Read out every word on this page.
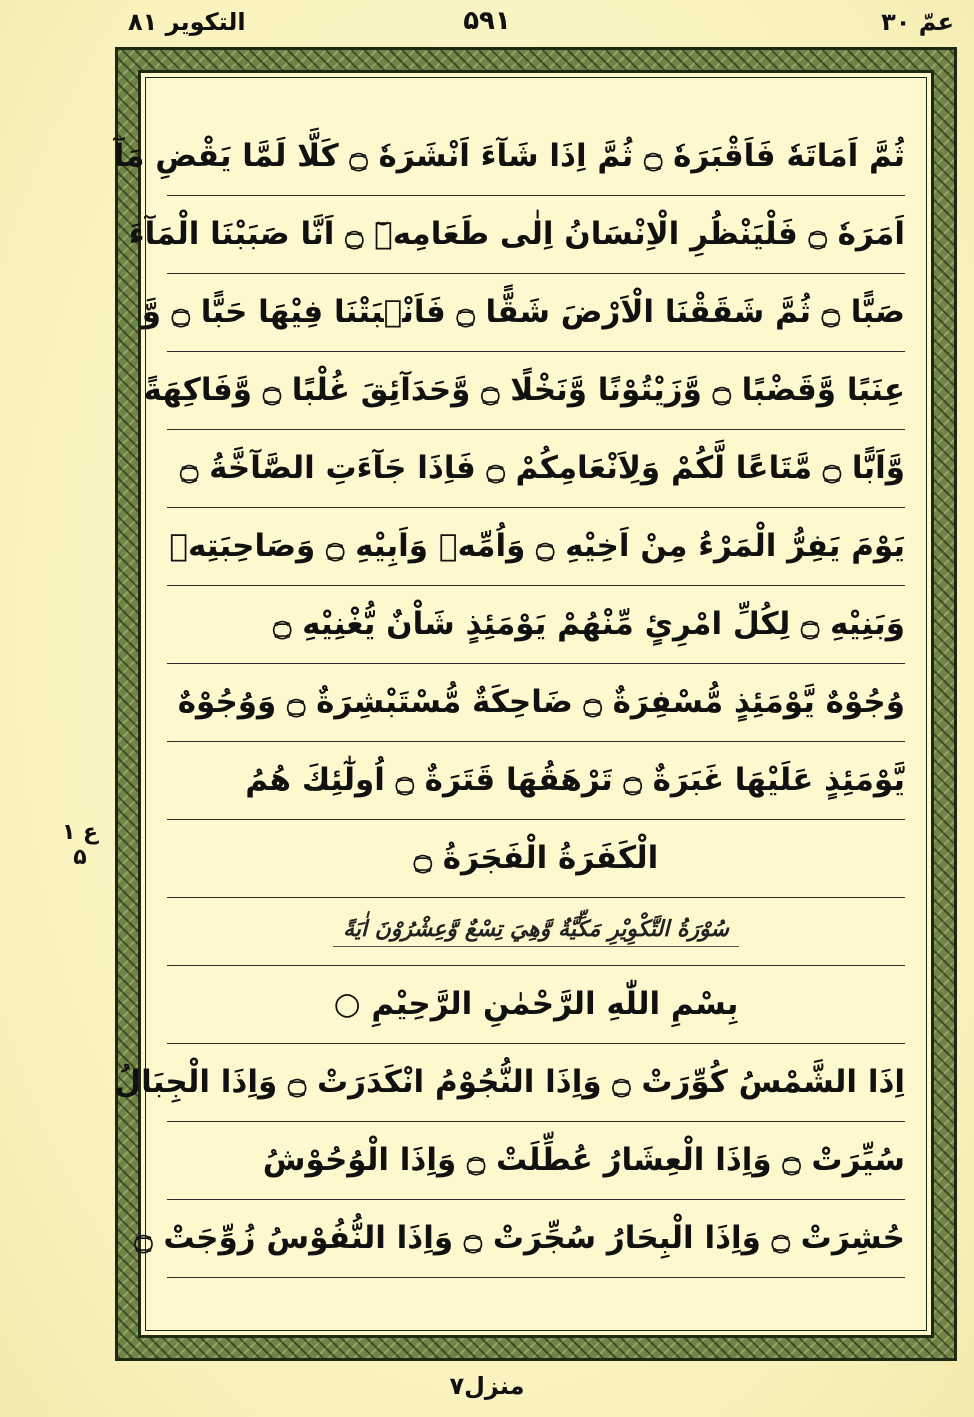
التکویر ۸۱	۵۹۱	عمّ ۳۰
ع ۱ ۵
ثُمَّ اَمَاتَهٗ فَاَقْبَرَهٗ ۝ ثُمَّ اِذَا شَآءَ اَنْشَرَهٗ ۝ كَلَّا لَمَّا يَقْضِ مَآ
اَمَرَهٗ ۝ فَلْيَنْظُرِ الْاِنْسَانُ اِلٰى طَعَامِهٖٓ ۝ اَنَّا صَبَبْنَا الْمَآءَ
صَبًّا ۝ ثُمَّ شَقَقْنَا الْاَرْضَ شَقًّا ۝ فَاَنْۢبَتْنَا فِيْهَا حَبًّا ۝ وَّ
عِنَبًا وَّقَضْبًا ۝ وَّزَيْتُوْنًا وَّنَخْلًا ۝ وَّحَدَآئِقَ غُلْبًا ۝ وَّفَاكِهَةً
وَّاَبًّا ۝ مَّتَاعًا لَّكُمْ وَلِاَنْعَامِكُمْ ۝ فَاِذَا جَآءَتِ الصَّآخَّةُ ۝
يَوْمَ يَفِرُّ الْمَرْءُ مِنْ اَخِيْهِ ۝ وَاُمِّهٖ وَاَبِيْهِ ۝ وَصَاحِبَتِهٖ
وَبَنِيْهِ ۝ لِكُلِّ امْرِئٍ مِّنْهُمْ يَوْمَئِذٍ شَاْنٌ يُّغْنِيْهِ ۝
وُجُوْهٌ يَّوْمَئِذٍ مُّسْفِرَةٌ ۝ ضَاحِكَةٌ مُّسْتَبْشِرَةٌ ۝ وَوُجُوْهٌ
يَّوْمَئِذٍ عَلَيْهَا غَبَرَةٌ ۝ تَرْهَقُهَا قَتَرَةٌ ۝ اُولٰٓئِكَ هُمُ
الْكَفَرَةُ الْفَجَرَةُ ۝
سُوْرَةُ التَّكْوِيْرِ مَكِّيَّةٌ وَّهِيَ تِسْعٌ وَّعِشْرُوْنَ اٰيَةً
بِسْمِ اللّٰهِ الرَّحْمٰنِ الرَّحِيْمِ ○
اِذَا الشَّمْسُ كُوِّرَتْ ۝ وَاِذَا النُّجُوْمُ انْكَدَرَتْ ۝ وَاِذَا الْجِبَالُ
سُيِّرَتْ ۝ وَاِذَا الْعِشَارُ عُطِّلَتْ ۝ وَاِذَا الْوُحُوْشُ
حُشِرَتْ ۝ وَاِذَا الْبِحَارُ سُجِّرَتْ ۝ وَاِذَا النُّفُوْسُ زُوِّجَتْ ۝
منزل۷
